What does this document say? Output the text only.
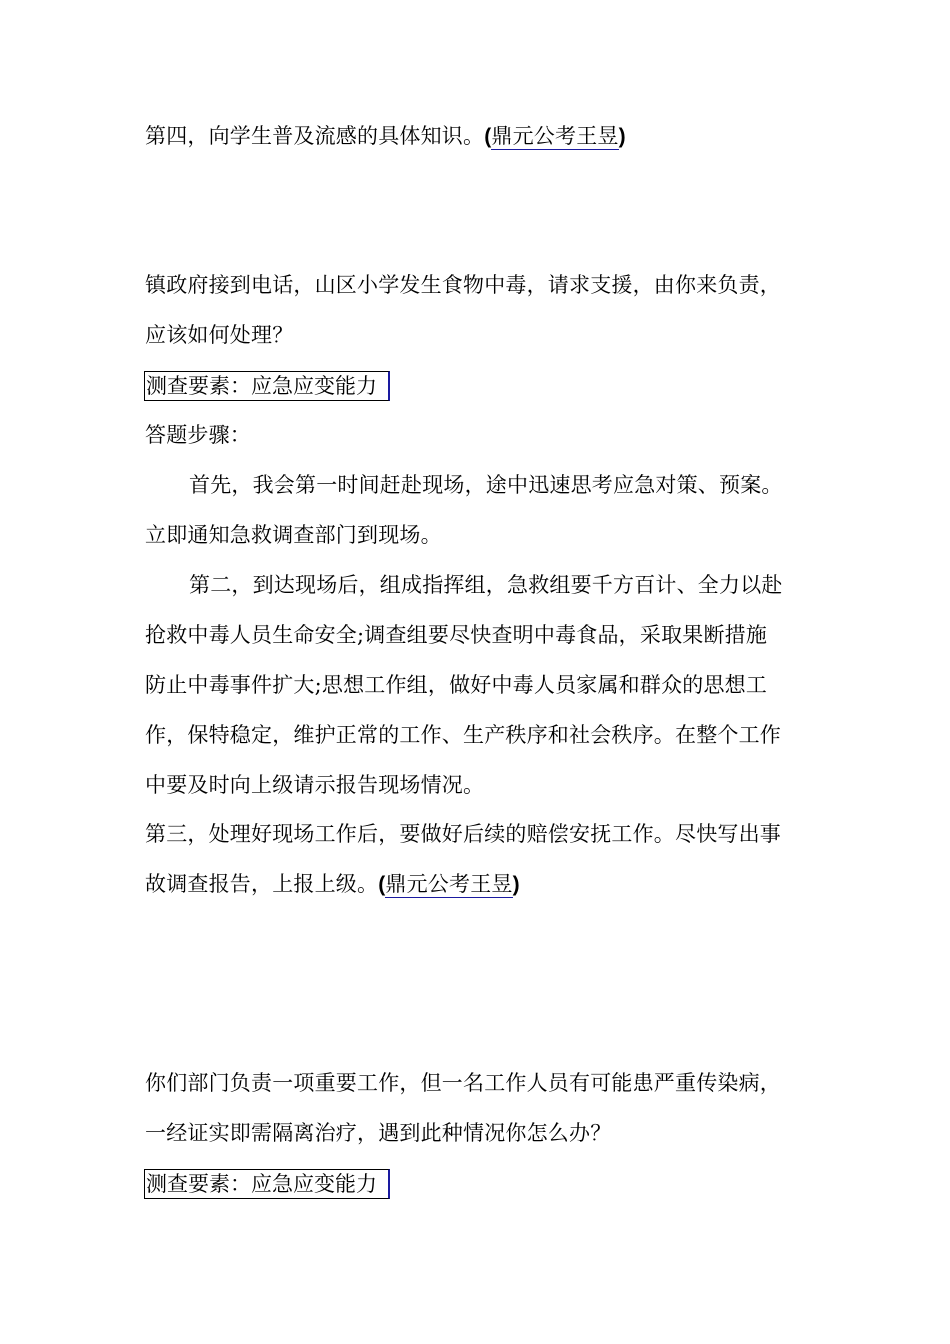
第四，向学生普及流感的具体知识。(鼎元公考王昱)
镇政府接到电话，山区小学发生食物中毒，请求支援，由你来负责，
应该如何处理？
测查要素：应急应变能力
答题步骤：
首先，我会第一时间赶赴现场，途中迅速思考应急对策、预案。
立即通知急救调查部门到现场。
第二，到达现场后，组成指挥组，急救组要千方百计、全力以赴
抢救中毒人员生命安全;调查组要尽快查明中毒食品，采取果断措施
防止中毒事件扩大;思想工作组，做好中毒人员家属和群众的思想工
作，保特稳定，维护正常的工作、生产秩序和社会秩序。在整个工作
中要及时向上级请示报告现场情况。
第三，处理好现场工作后，要做好后续的赔偿安抚工作。尽快写出事
故调查报告，上报上级。(鼎元公考王昱)
你们部门负责一项重要工作，但一名工作人员有可能患严重传染病，
一经证实即需隔离治疗，遇到此种情况你怎么办？
测查要素：应急应变能力
